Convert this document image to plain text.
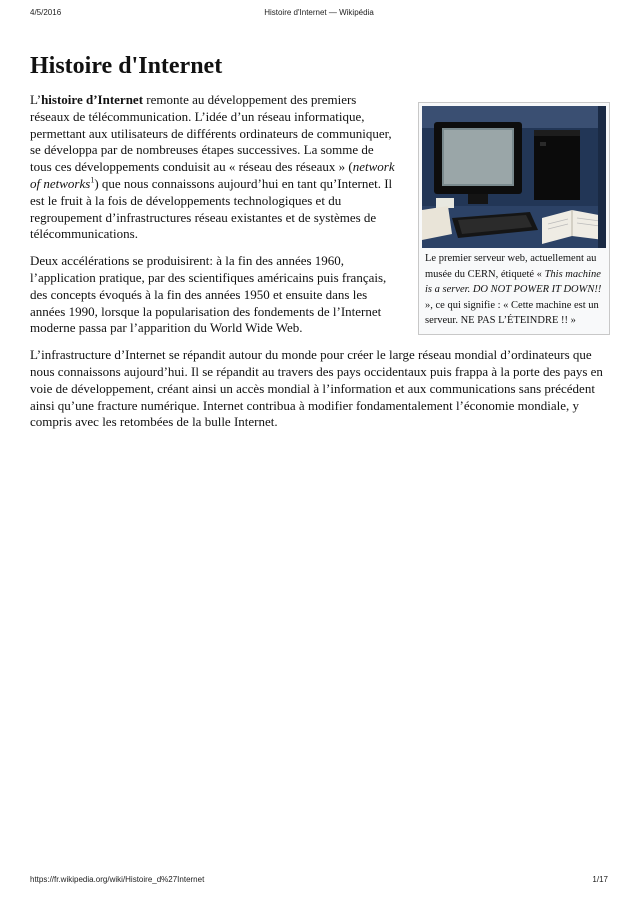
4/5/2016	Histoire d'Internet — Wikipédia
Histoire d'Internet
Le premier serveur web, actuellement au musée du CERN, étiqueté « This machine is a server. DO NOT POWER IT DOWN!! », ce qui signifie : « Cette machine est un serveur. NE PAS L’ÉTEINDRE !! »

L’histoire d’Internet remonte au développement des premiers réseaux de télécommunication. L’idée d’un réseau informatique, permettant aux utilisateurs de différents ordinateurs de communiquer, se développa par de nombreuses étapes successives. La somme de tous ces développements conduisit au « réseau des réseaux » (network of networks$^1$) que nous connaissons aujourd’hui en tant qu’Internet. Il est le fruit à la fois de développements technologiques et du regroupement d’infrastructures réseau existantes et de systèmes de télécommunications.

Deux accélérations se produisirent: à la fin des années 1960, l’application pratique, par des scientifiques américains puis français, des concepts évoqués à la fin des années 1950 et ensuite dans les années 1990, lorsque la popularisation des fondements de l’Internet moderne passa par l’apparition du World Wide Web.

L’infrastructure d’Internet se répandit autour du monde pour créer le large réseau mondial d’ordinateurs que nous connaissons aujourd’hui. Il se répandit au travers des pays occidentaux puis frappa à la porte des pays en voie de développement, créant ainsi un accès mondial à l’information et aux communications sans précédent ainsi qu’une fracture numérique. Internet contribua à modifier fondamentalement l’économie mondiale, y compris avec les retombées de la bulle Internet.

https://fr.wikipedia.org/wiki/Histoire_d%27Internet	1/17
